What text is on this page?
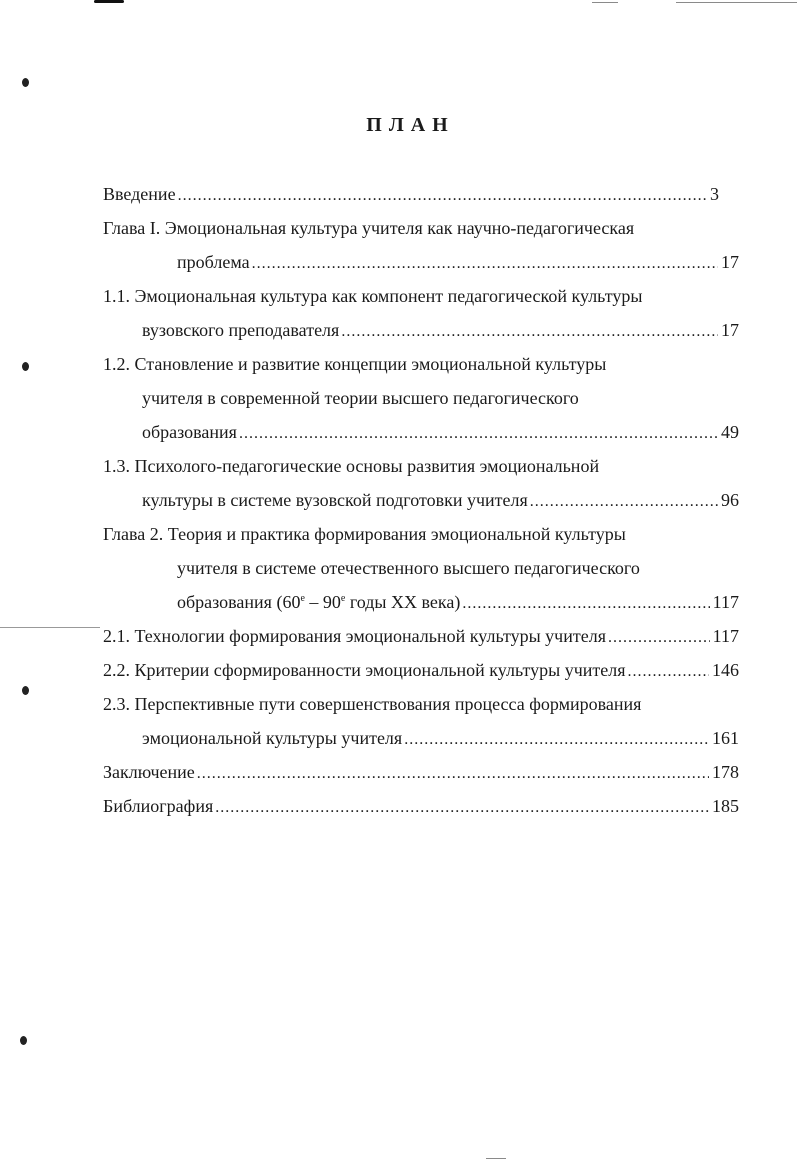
ПЛАН
Введение .....	3
Глава I. Эмоциональная культура учителя как научно-педагогическая
проблема .....	17
1.1. Эмоциональная культура как компонент педагогической культуры
вузовского преподавателя .....	17
1.2. Становление и развитие концепции эмоциональной культуры
учителя в современной теории высшего педагогического
образования .....	49
1.3. Психолого-педагогические основы развития эмоциональной
культуры в системе вузовской подготовки учителя .....	96
Глава 2. Теория и практика формирования эмоциональной культуры
учителя в системе отечественного высшего педагогического
образования ($60^е - 90^е$ годы XX века) .....	117
2.1. Технологии формирования эмоциональной культуры учителя .....	117
2.2. Критерии сформированности эмоциональной культуры учителя .....	146
2.3. Перспективные пути совершенствования процесса формирования
эмоциональной культуры учителя .....	161
Заключение .....	178
Библиография .....	185
